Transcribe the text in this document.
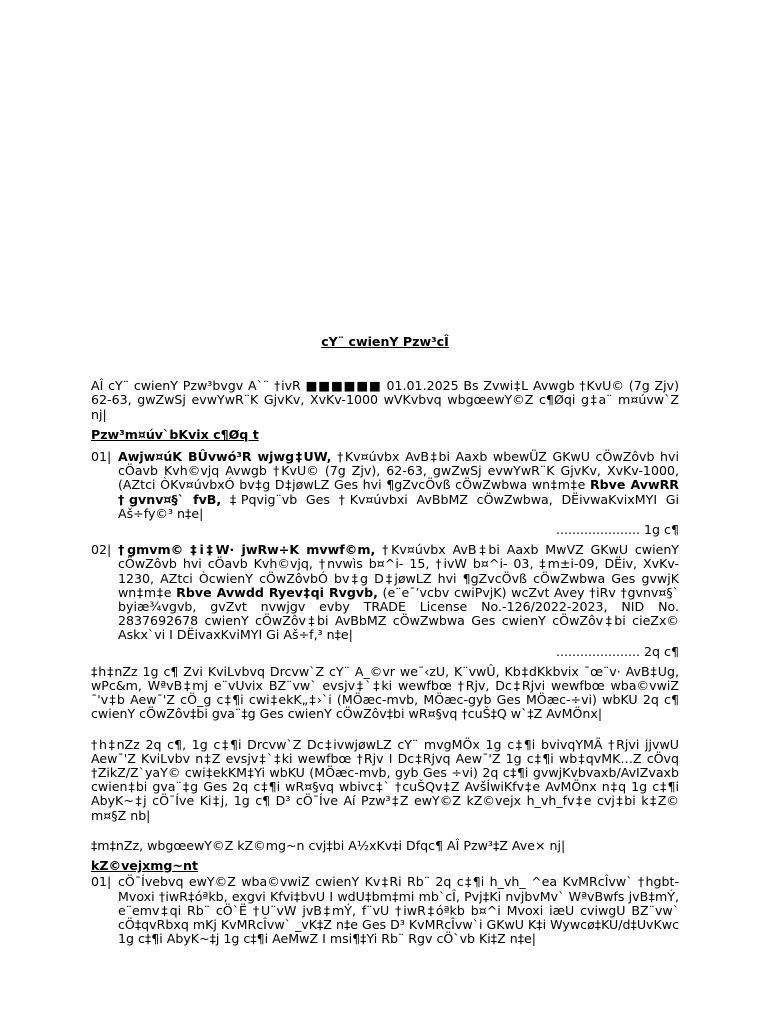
cY¨ cwienY Pzw³cÎ
AÎ cY¨ cwienY Pzw³bvgv A`¨ †ivR ■■■■■■ 01.01.2025 Bs Zvwi‡L Avwgb †KvU© (7g Zjv) 62-63, gwZwSj evwYwR¨K GjvKv, XvKv-1000 wVKvbvq wbgœewY©Z c¶Øqi g‡a¨ m¤úvw`Z nj|
Pzw³m¤úv`bKvix c¶Øq t
01| Awjw¤úK BÛvwó³R wjwg‡UW, †Kv¤úvbx AvB‡bi Aaxb wbewÜZ GKwU cÖwZôvb hvi cÖavb Kvh©vjq Avwgb †KvU© (7g Zjv), 62-63, gwZwSj evwYwR¨K GjvKv, XvKv-1000, (AZtci ÒKv¤úvbxÓ bv‡g D‡jøwLZ Ges hvi ¶gZvcÖvß cÖwZwbwa wn‡m‡e Rbve AvwRR †gvnv¤§` fvB, ‡Pqvig¨vb Ges †Kv¤úvbxi AvBbMZ cÖwZwbwa, DËivwaKvixMYI Gi Aš÷fy©³ n‡e|
..................... 1g c¶
02| †gmvm© ‡i‡W· jwRw÷K mvwf©m, †Kv¤úvbx AvB‡bi Aaxb MwVZ GKwU cwienY cÖwZôvb hvi cÖavb Kvh©vjq, †nvwìs b¤^i- 15, †ivW b¤^i- 03, ‡m±i-09, DËiv, XvKv-1230, AZtci ÒcwienY cÖwZôvbÓ bv‡g D‡jøwLZ hvi ¶gZvcÖvß cÖwZwbwa Ges gvwjK wn‡m‡e Rbve Avwdd Ryev‡qi Rvgvb, (e¨e¯’vcbv cwiPvjK) wcZvt Avey †iRv †gvnv¤§` byiæ¾vgvb, gvZvt nvwjgv evby TRADE License No.-126/2022-2023, NID No. 2837692678 cwienY cÖwZôv‡bi AvBbMZ cÖwZwbwa Ges cwienY cÖwZôv‡bi cieZx© Askx`vi I DËivaxKviMYI Gi Aš÷f‚³ n‡e|
..................... 2q c¶
‡h‡nZz 1g c¶ Zvi KviLvbvq Drcvw`Z cY¨ A_©vr we¯‹zU, K¨vwÛ, Kb‡dKkbvix ¯œ¨v· AvB‡Ug, wPc&m, WªvB‡mj e¨vUvix BZ¨vw` evsjv‡`‡ki wewfbœ †Rjv, Dc‡Rjvi wewfbœ wba©vwiZ ¯'v‡b Aew¯'Z cÖ_g c‡¶i cwi‡ekK„‡›`i (MÖæc-mvb, MÖæc-gyb Ges MÖæc-÷vi) wbKU 2q c¶ cwienY cÖwZôv‡bi gva¨‡g Ges cwienY cÖwZôv‡bi wR¤§vq †cuŠ‡Q w`‡Z AvMÖnx|
†h‡nZz 2q c¶, 1g c‡¶i Drcvw`Z Dc‡ivwjøwLZ cY¨ mvgMÖx 1g c‡¶i bvivqYMÄ †Rjvi jjvwU Aew¯'Z KviLvbv n‡Z evsjv‡`‡ki wewfbœ †Rjv I Dc‡Rjvq Aew¯'Z 1g c‡¶i wb‡qvMK…Z cÖvq †ZikZ/Z`yaY© cwi‡ekKM‡Yi wbKU (MÖæc-mvb, gyb Ges ÷vi) 2q c‡¶i gvwjKvbvaxb/AvIZvaxb cwien‡bi gva¨‡g Ges 2q c‡¶i wR¤§vq wbivc‡` †cuŠQv‡Z AvšÍwiKfv‡e AvMÖnx n‡q 1g c‡¶i AbyK~‡j cÖ¯Íve Ki‡j, 1g c¶ D³ cÖ¯Íve Aí Pzw³‡Z ewY©Z kZ©vejx h_vh_fv‡e cvj‡bi k‡Z© m¤§Z nb|
‡m‡nZz, wbgœewY©Z kZ©mg~n cvj‡bi A½xKv‡i Dfqc¶ AÎ Pzw³‡Z Ave× nj|
kZ©vejxmg~nt
01| cÖ¯Ívebvq ewY©Z wba©vwiZ cwienY Kv‡Ri Rb¨ 2q c‡¶i h_vh_ ^ea KvMRcÎvw` †hgbt- Mvoxi †iwR‡óªkb, exgvi Kfvi‡bvU I wdU‡bm‡mi mb`cÎ, Pvj‡Ki nvjbvMv` WªvBwfs jvB‡mÝ, e¨emv‡qi Rb¨ cÖ`Ë †U¨vW jvB‡mÝ, f¨vU †iwR‡óªkb b¤^i Mvoxi iæU cviwgU BZ¨vw` cÖ‡qvRbxq mKj KvMRcÎvw` _vK‡Z n‡e Ges D³ KvMRcÎvw`i GKwU K‡i Wywcø‡KU/d‡UvKwc 1g c‡¶i AbyK~‡j 1g c‡¶i AeMwZ I msi¶‡Yi Rb¨ Rgv cÖ`vb Ki‡Z n‡e|
